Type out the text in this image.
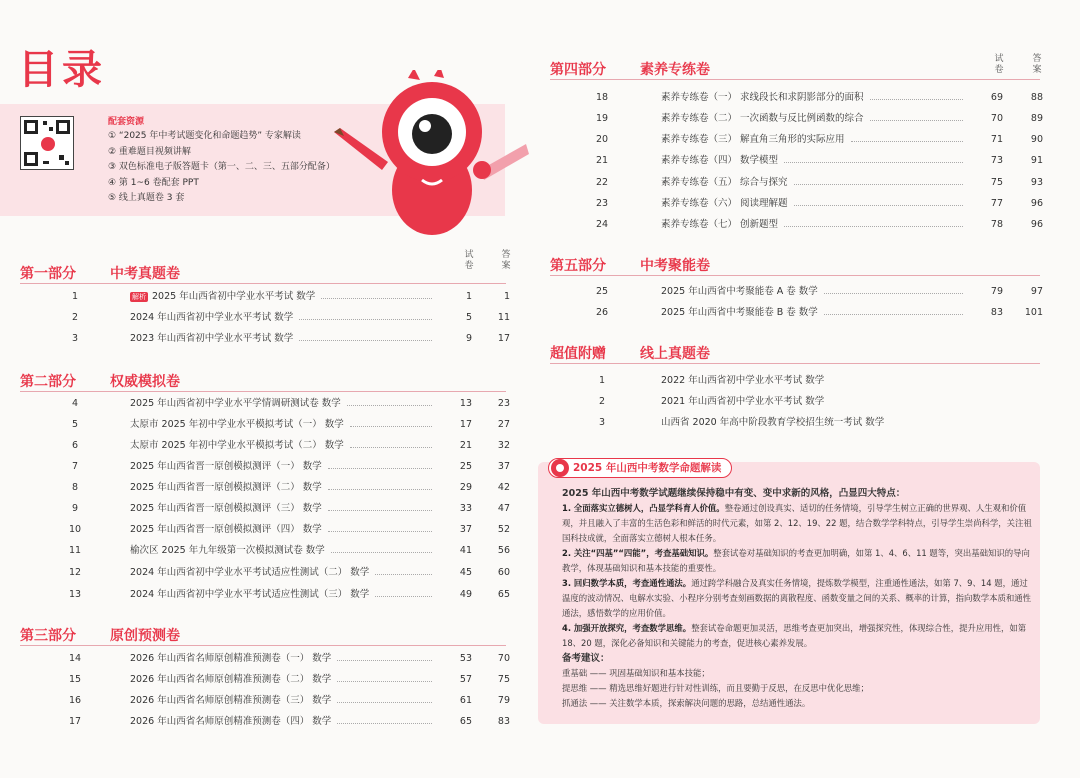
目录
配套资源
① “2025 年中考试题变化和命题趋势” 专家解读
② 重难题目视频讲解
③ 双色标准电子版答题卡（第一、二、三、五部分配备）
④ 第 1~6 卷配套 PPT
⑤ 线上真题卷 3 套
试
卷
答
案
第一部分 中考真题卷
1	解析 2025 年山西省初中学业水平考试 数学	1	1
2	2024 年山西省初中学业水平考试 数学	5	11
3	2023 年山西省初中学业水平考试 数学	9	17
第二部分 权威模拟卷
4	2025 年山西省初中学业水平学情调研测试卷 数学	13	23
5	太原市 2025 年初中学业水平模拟考试（一） 数学	17	27
6	太原市 2025 年初中学业水平模拟考试（二） 数学	21	32
7	2025 年山西省晋一原创模拟测评（一） 数学	25	37
8	2025 年山西省晋一原创模拟测评（二） 数学	29	42
9	2025 年山西省晋一原创模拟测评（三） 数学	33	47
10	2025 年山西省晋一原创模拟测评（四） 数学	37	52
11	榆次区 2025 年九年级第一次模拟测试卷 数学	41	56
12	2024 年山西省初中学业水平考试适应性测试（二） 数学	45	60
13	2024 年山西省初中学业水平考试适应性测试（三） 数学	49	65
第三部分 原创预测卷
14	2026 年山西省名师原创精准预测卷（一） 数学	53	70
15	2026 年山西省名师原创精准预测卷（二） 数学	57	75
16	2026 年山西省名师原创精准预测卷（三） 数学	61	79
17	2026 年山西省名师原创精准预测卷（四） 数学	65	83
试
卷
答
案
第四部分 素养专练卷
18	素养专练卷（一） 求线段长和求阴影部分的面积	69	88
19	素养专练卷（二） 一次函数与反比例函数的综合	70	89
20	素养专练卷（三） 解直角三角形的实际应用	71	90
21	素养专练卷（四） 数学模型	73	91
22	素养专练卷（五） 综合与探究	75	93
23	素养专练卷（六） 阅读理解题	77	96
24	素养专练卷（七） 创新题型	78	96
第五部分 中考聚能卷
25	2025 年山西省中考聚能卷 A 卷 数学	79	97
26	2025 年山西省中考聚能卷 B 卷 数学	83	101
超值附赠 线上真题卷
1	2022 年山西省初中学业水平考试 数学
2	2021 年山西省初中学业水平考试 数学
3	山西省 2020 年高中阶段教育学校招生统一考试 数学
2025 年山西中考数学命题解读
2025 年山西中考数学试题继续保持稳中有变、变中求新的风格，凸显四大特点：
1. 全面落实立德树人，凸显学科育人价值。整卷通过创设真实、适切的任务情境，引导学生树立正确的世界观、人生观和价值观，并且融入了丰富的生活色彩和鲜活的时代元素，如第 2、12、19、22 题，结合数学学科特点，引导学生崇尚科学，关注祖国科技成就，全面落实立德树人根本任务。
2. 关注“四基”“四能”，考查基础知识。整套试卷对基础知识的考查更加明确，如第 1、4、6、11 题等，突出基础知识的导向教学，体现基础知识和基本技能的重要性。
3. 回归数学本质，考查通性通法。通过跨学科融合及真实任务情境，提炼数学模型，注重通性通法，如第 7、9、14 题，通过温度的波动情况、电解水实验、小程序分别考查刻画数据的离散程度、函数变量之间的关系、概率的计算，指向数学本质和通性通法，感悟数学的应用价值。
4. 加强开放探究，考查数学思维。整套试卷命题更加灵活，思维考查更加突出，增强探究性，体现综合性，提升应用性，如第 18、20 题，深化必备知识和关键能力的考查，促进核心素养发展。
备考建议：
重基础 —— 巩固基础知识和基本技能；
提思维 —— 精选思维好题进行针对性训练，而且要勤于反思，在反思中优化思维；
抓通法 —— 关注数学本质，探索解决问题的思路，总结通性通法。
